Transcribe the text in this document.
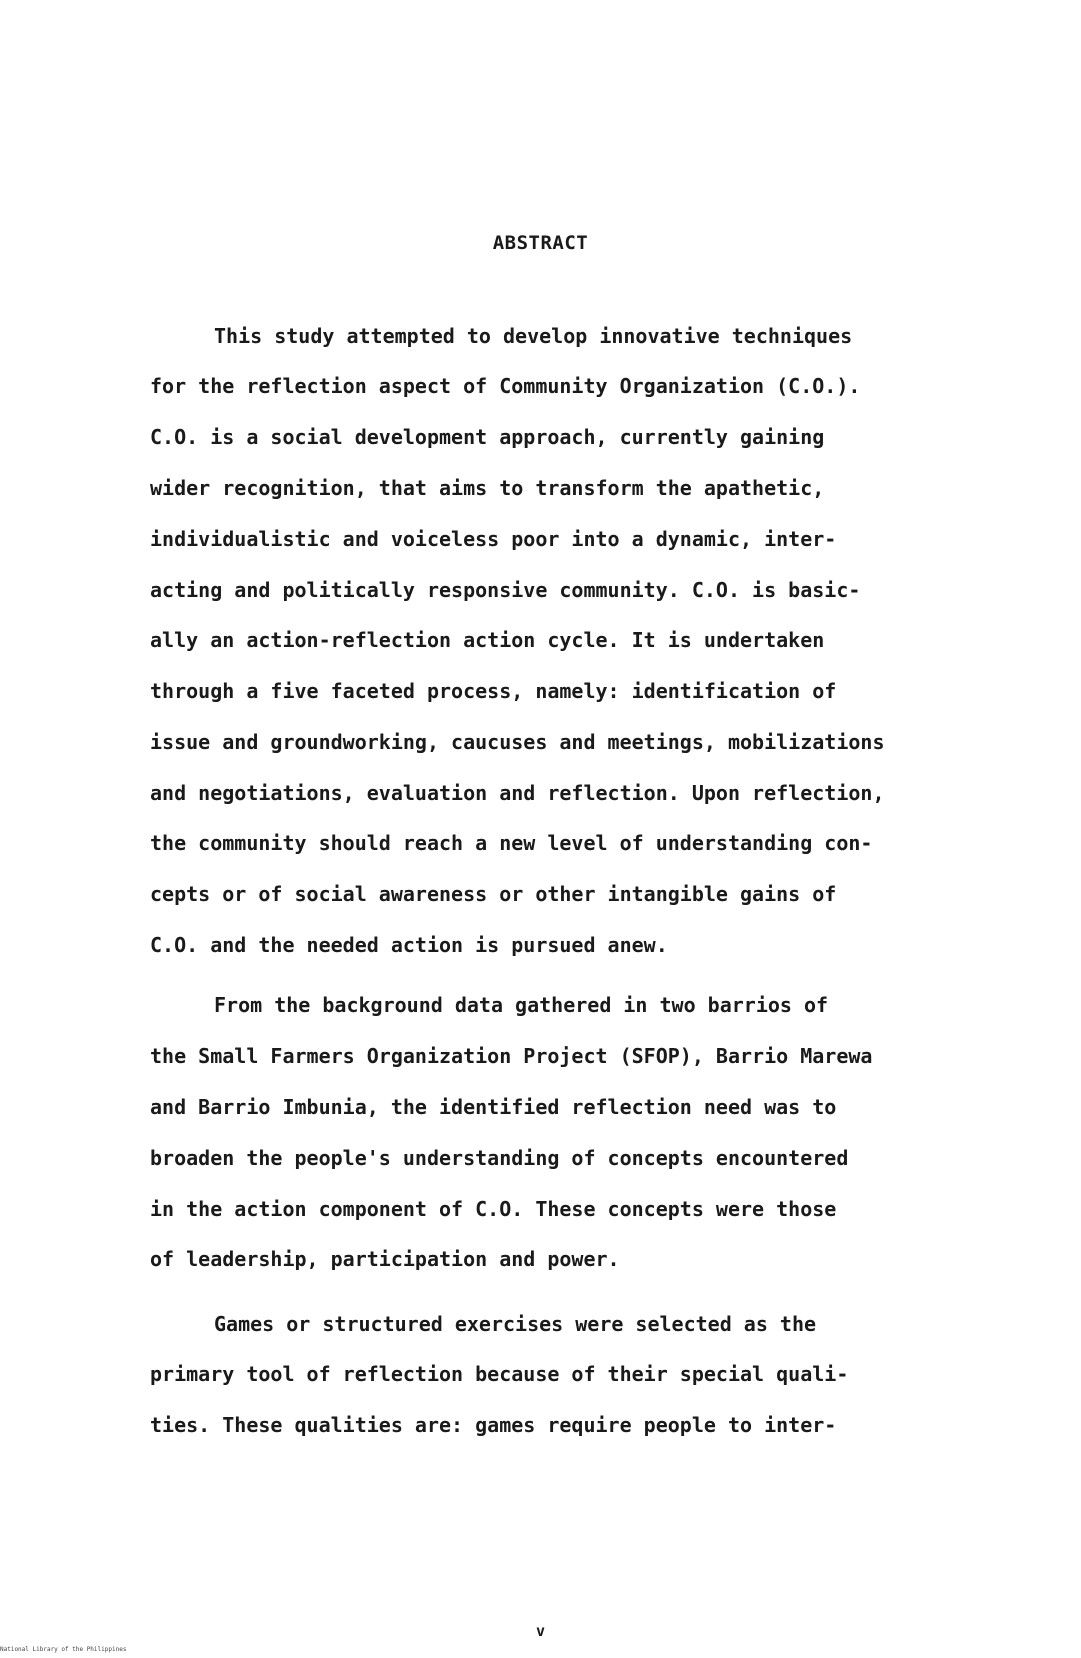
ABSTRACT

This study attempted to develop innovative techniques

for the reflection aspect of Community Organization (C.O.).

C.O. is a social development approach, currently gaining

wider recognition, that aims to transform the apathetic,

individualistic and voiceless poor into a dynamic, inter-

acting and politically responsive community. C.O. is basic-

ally an action-reflection action cycle. It is undertaken

through a five faceted process, namely: identification of

issue and groundworking, caucuses and meetings, mobilizations

and negotiations, evaluation and reflection. Upon reflection,

the community should reach a new level of understanding con-

cepts or of social awareness or other intangible gains of

C.O. and the needed action is pursued anew.

From the background data gathered in two barrios of

the Small Farmers Organization Project (SFOP), Barrio Marewa

and Barrio Imbunia, the identified reflection need was to

broaden the people's understanding of concepts encountered

in the action component of C.O. These concepts were those

of leadership, participation and power.

Games or structured exercises were selected as the

primary tool of reflection because of their special quali-

ties. These qualities are: games require people to inter-

v
National Library of the Philippines
